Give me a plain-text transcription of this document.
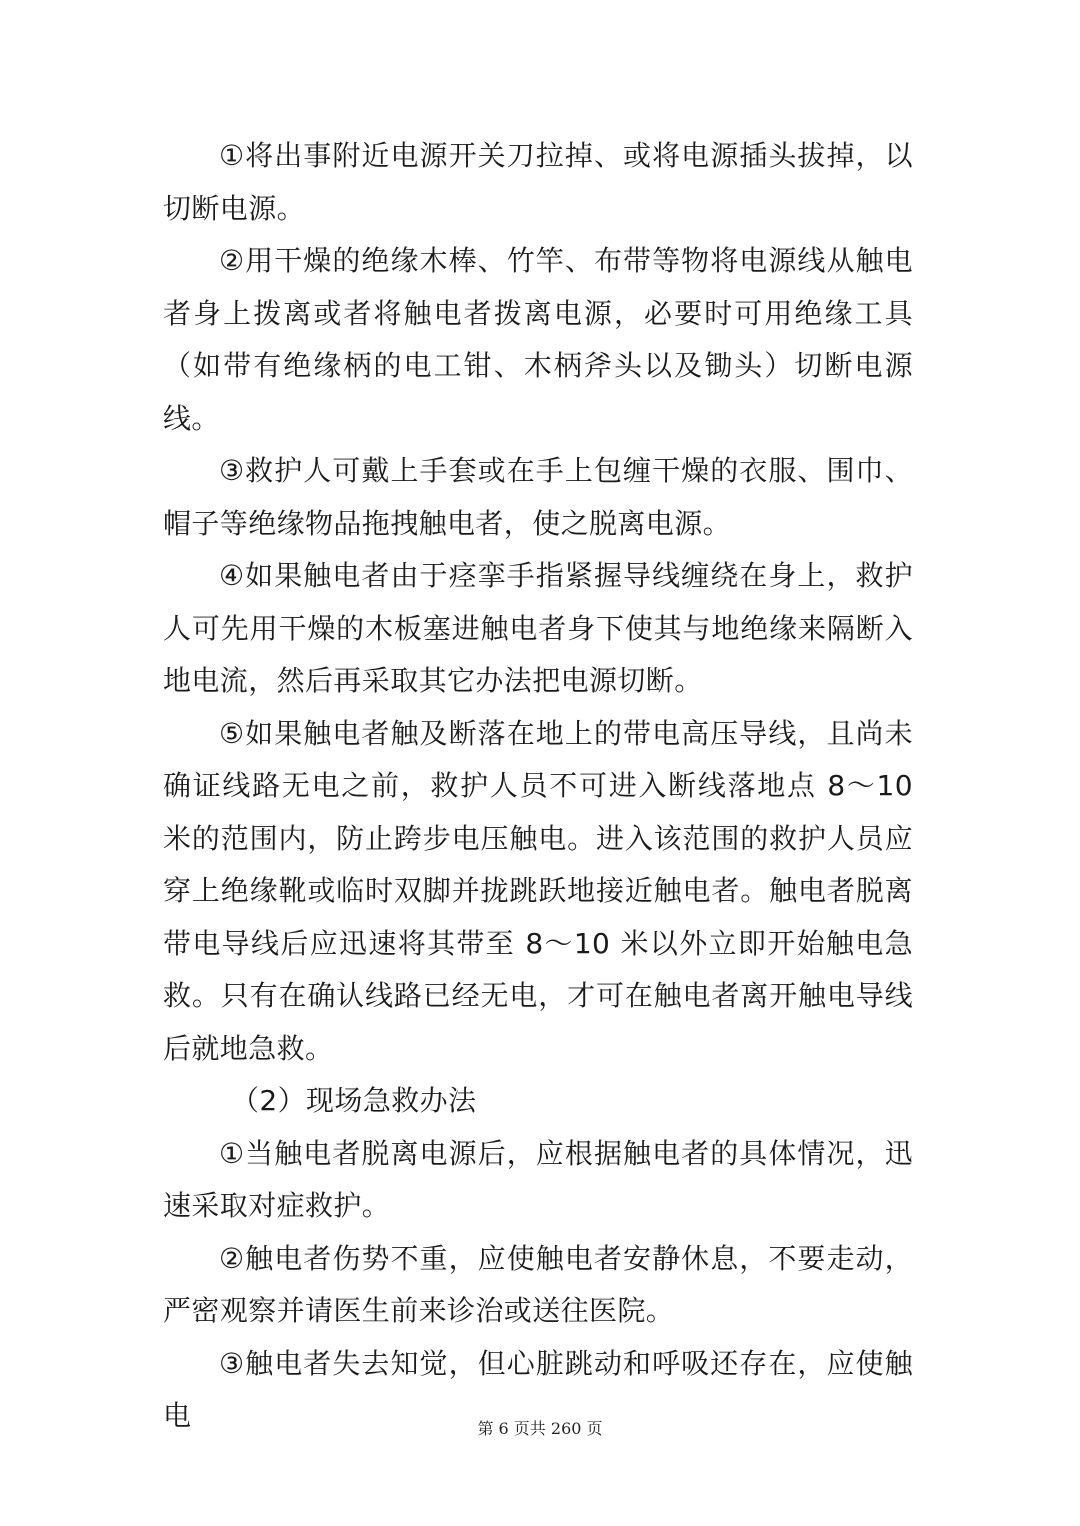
①将出事附近电源开关刀拉掉、或将电源插头拔掉，以切断电源。

②用干燥的绝缘木棒、竹竿、布带等物将电源线从触电者身上拨离或者将触电者拨离电源，必要时可用绝缘工具（如带有绝缘柄的电工钳、木柄斧头以及锄头）切断电源线。

③救护人可戴上手套或在手上包缠干燥的衣服、围巾、帽子等绝缘物品拖拽触电者，使之脱离电源。

④如果触电者由于痉挛手指紧握导线缠绕在身上，救护人可先用干燥的木板塞进触电者身下使其与地绝缘来隔断入地电流，然后再采取其它办法把电源切断。

⑤如果触电者触及断落在地上的带电高压导线，且尚未确证线路无电之前，救护人员不可进入断线落地点 8～10 米的范围内，防止跨步电压触电。进入该范围的救护人员应穿上绝缘靴或临时双脚并拢跳跃地接近触电者。触电者脱离带电导线后应迅速将其带至 8～10 米以外立即开始触电急救。只有在确认线路已经无电，才可在触电者离开触电导线后就地急救。

（2）现场急救办法

①当触电者脱离电源后，应根据触电者的具体情况，迅速采取对症救护。

②触电者伤势不重，应使触电者安静休息，不要走动，严密观察并请医生前来诊治或送往医院。

③触电者失去知觉，但心脏跳动和呼吸还存在，应使触电	第 6 页共 260 页
